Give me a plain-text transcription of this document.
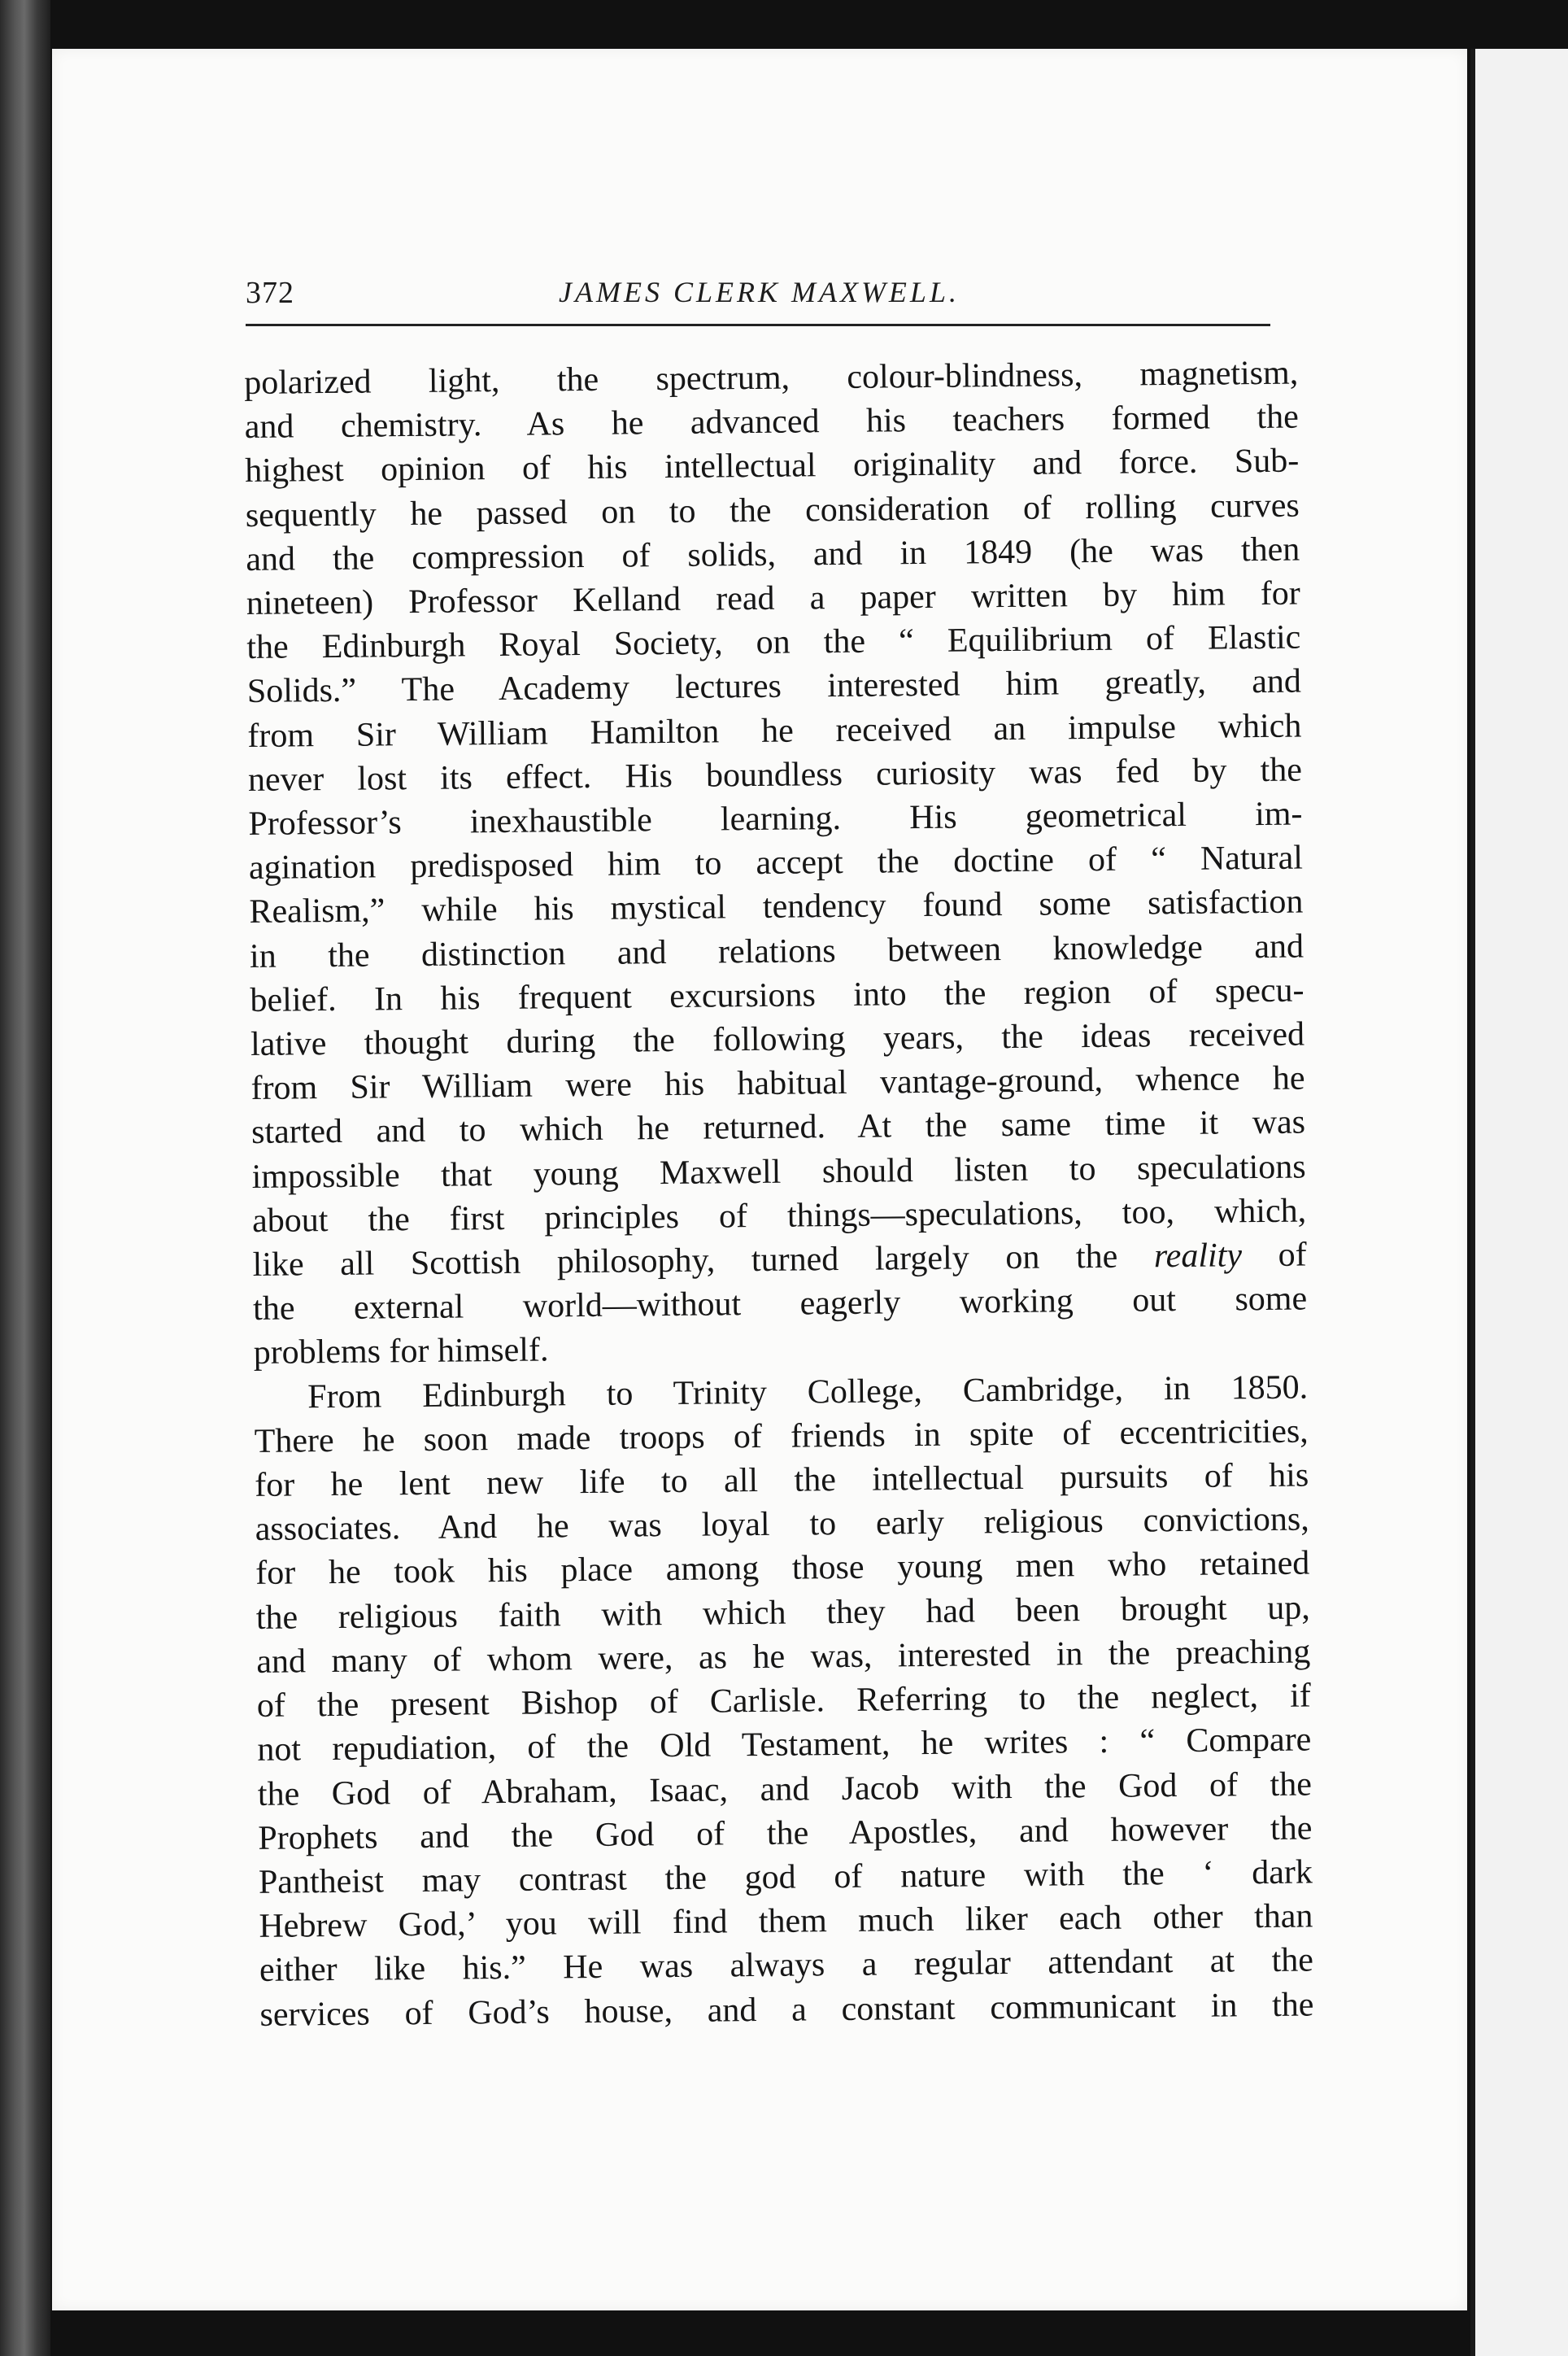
372	JAMES CLERK MAXWELL.
polarized light, the spectrum, colour-blindness, magnetism,
and chemistry. As he advanced his teachers formed the
highest opinion of his intellectual originality and force. Sub-
sequently he passed on to the consideration of rolling curves
and the compression of solids, and in 1849 (he was then
nineteen) Professor Kelland read a paper written by him for
the Edinburgh Royal Society, on the “ Equilibrium of Elastic
Solids.” The Academy lectures interested him greatly, and
from Sir William Hamilton he received an impulse which
never lost its effect. His boundless curiosity was fed by the
Professor’s inexhaustible learning. His geometrical im-
agination predisposed him to accept the doctine of “ Natural
Realism,” while his mystical tendency found some satisfaction
in the distinction and relations between knowledge and
belief. In his frequent excursions into the region of specu-
lative thought during the following years, the ideas received
from Sir William were his habitual vantage-ground, whence he
started and to which he returned. At the same time it was
impossible that young Maxwell should listen to speculations
about the first principles of things—speculations, too, which,
like all Scottish philosophy, turned largely on the reality of
the external world—without eagerly working out some
problems for himself.
From Edinburgh to Trinity College, Cambridge, in 1850.
There he soon made troops of friends in spite of eccentricities,
for he lent new life to all the intellectual pursuits of his
associates. And he was loyal to early religious convictions,
for he took his place among those young men who retained
the religious faith with which they had been brought up,
and many of whom were, as he was, interested in the preaching
of the present Bishop of Carlisle. Referring to the neglect, if
not repudiation, of the Old Testament, he writes : “ Compare
the God of Abraham, Isaac, and Jacob with the God of the
Prophets and the God of the Apostles, and however the
Pantheist may contrast the god of nature with the ‘ dark
Hebrew God,’ you will find them much liker each other than
either like his.” He was always a regular attendant at the
services of God’s house, and a constant communicant in the
